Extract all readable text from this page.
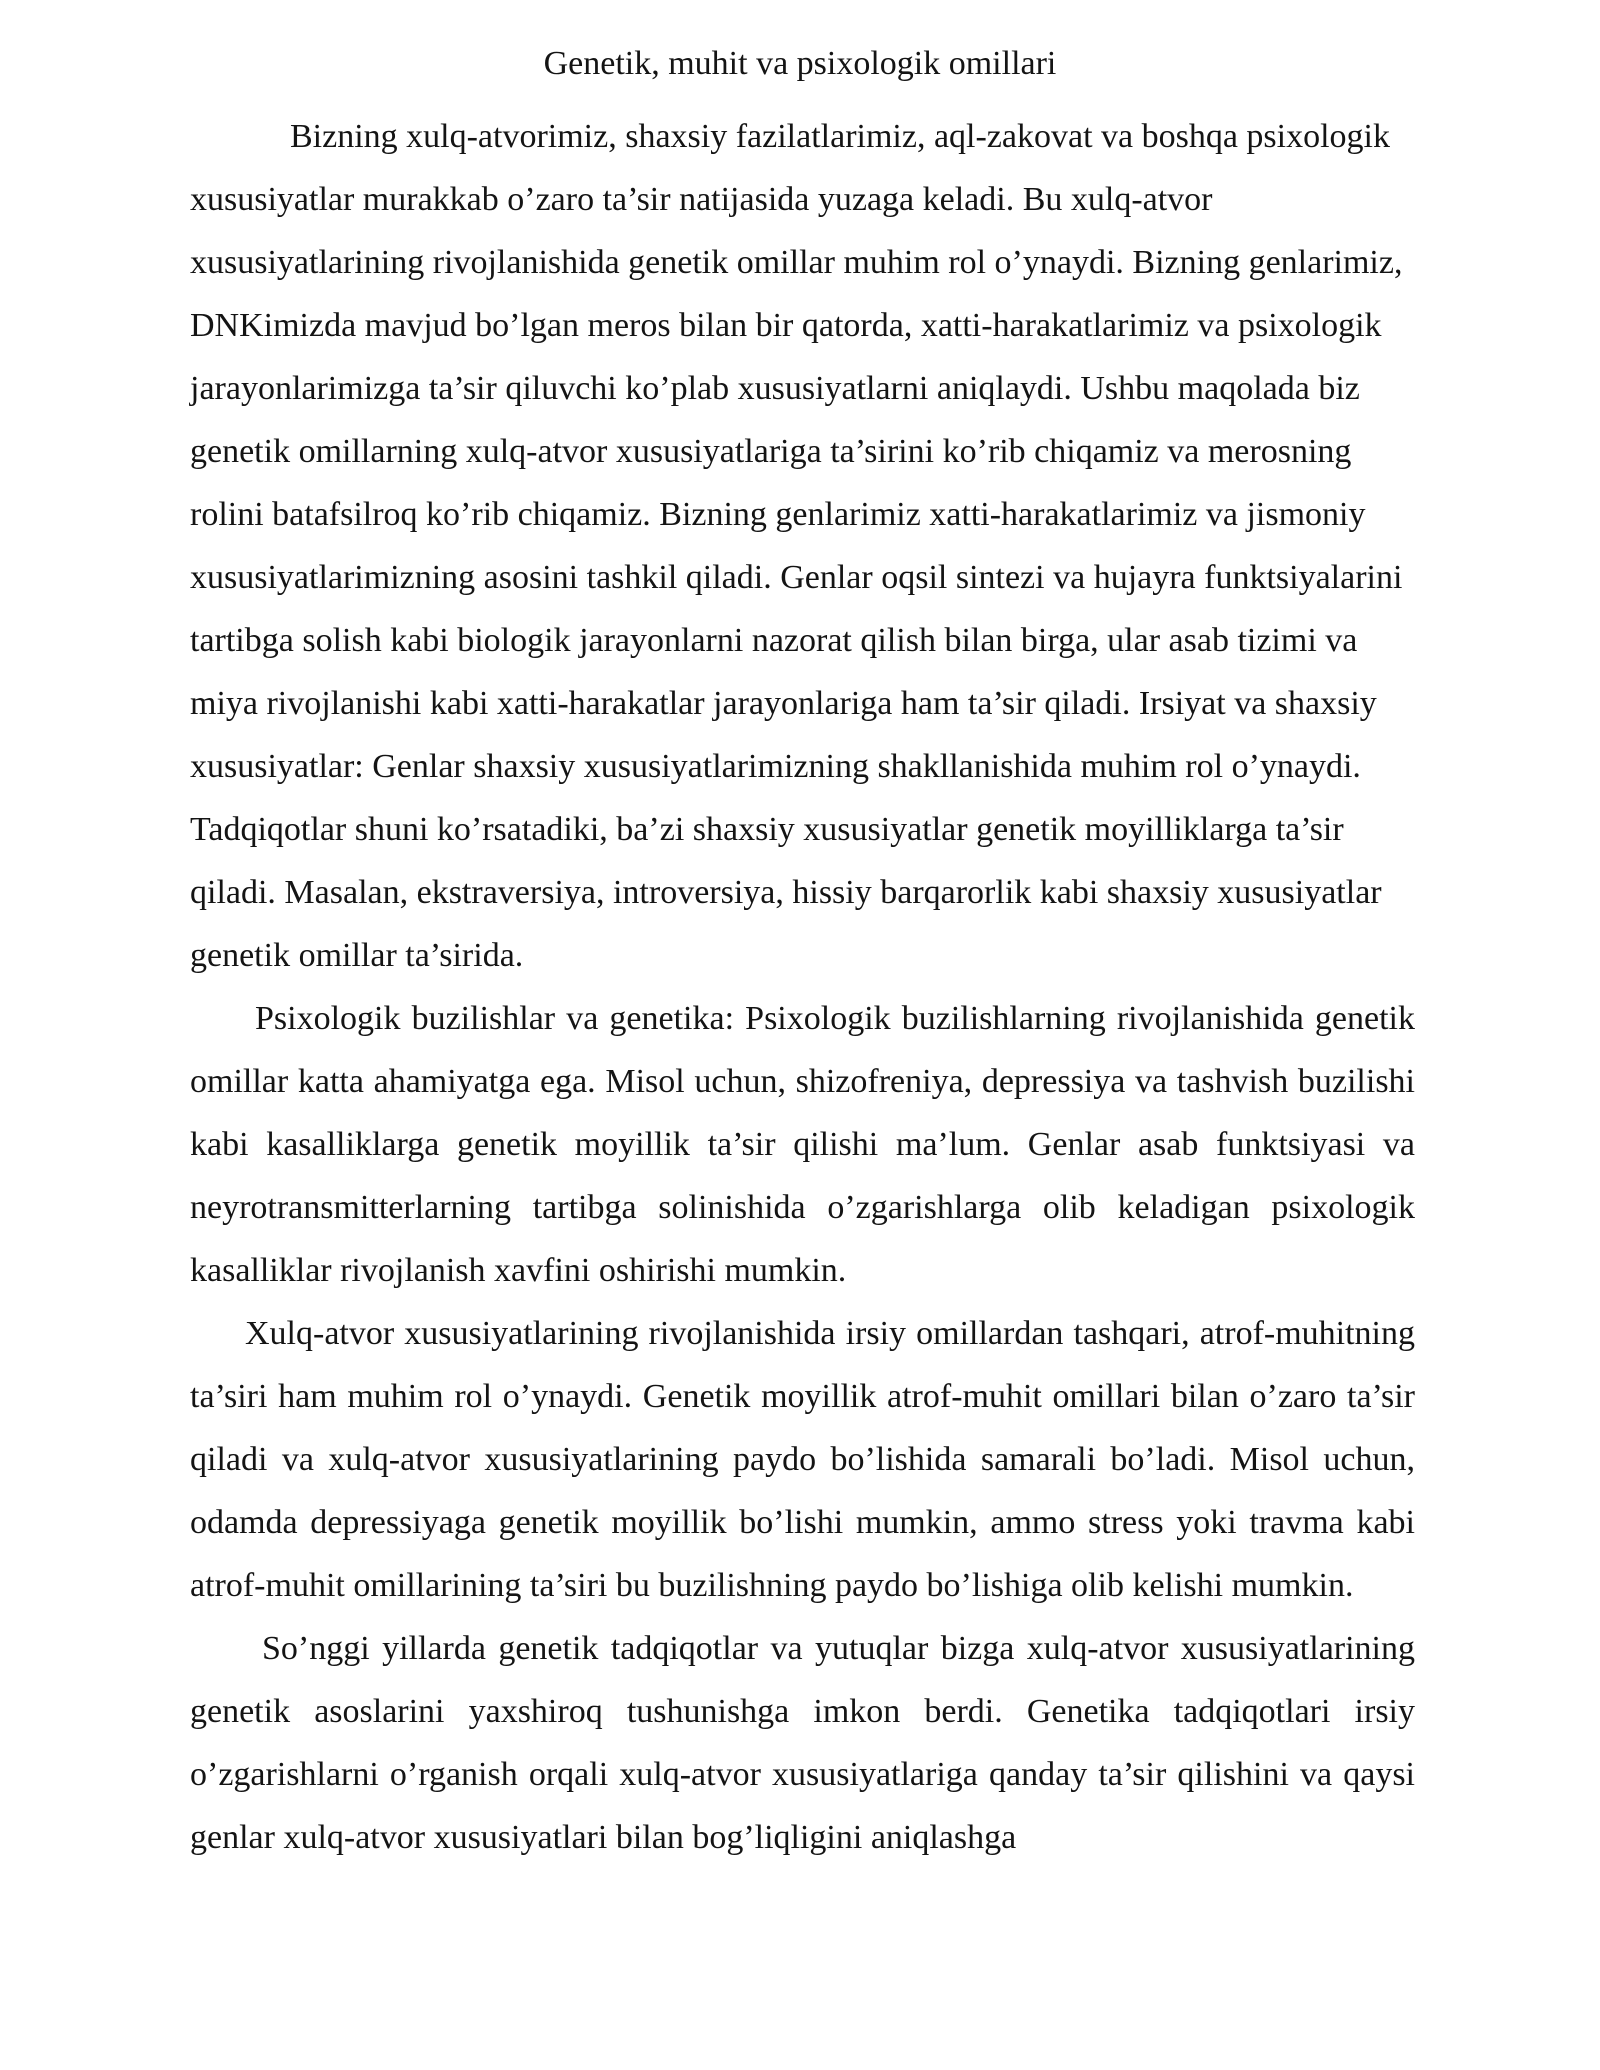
Genetik, muhit va psixologik omillari

Bizning xulq-atvorimiz, shaxsiy fazilatlarimiz, aql-zakovat va boshqa psixologik xususiyatlar murakkab o’zaro ta’sir natijasida yuzaga keladi. Bu xulq-atvor xususiyatlarining rivojlanishida genetik omillar muhim rol o’ynaydi. Bizning genlarimiz, DNKimizda mavjud bo’lgan meros bilan bir qatorda, xatti-harakatlarimiz va psixologik jarayonlarimizga ta’sir qiluvchi ko’plab xususiyatlarni aniqlaydi. Ushbu maqolada biz genetik omillarning xulq-atvor xususiyatlariga ta’sirini ko’rib chiqamiz va merosning rolini batafsilroq ko’rib chiqamiz. Bizning genlarimiz xatti-harakatlarimiz va jismoniy xususiyatlarimizning asosini tashkil qiladi. Genlar oqsil sintezi va hujayra funktsiyalarini tartibga solish kabi biologik jarayonlarni nazorat qilish bilan birga, ular asab tizimi va miya rivojlanishi kabi xatti-harakatlar jarayonlariga ham ta’sir qiladi. Irsiyat va shaxsiy xususiyatlar: Genlar shaxsiy xususiyatlarimizning shakllanishida muhim rol o’ynaydi. Tadqiqotlar shuni ko’rsatadiki, ba’zi shaxsiy xususiyatlar genetik moyilliklarga ta’sir qiladi. Masalan, ekstraversiya, introversiya, hissiy barqarorlik kabi shaxsiy xususiyatlar genetik omillar ta’sirida.

Psixologik buzilishlar va genetika: Psixologik buzilishlarning rivojlanishida genetik omillar katta ahamiyatga ega. Misol uchun, shizofreniya, depressiya va tashvish buzilishi kabi kasalliklarga genetik moyillik ta’sir qilishi ma’lum. Genlar asab funktsiyasi va neyrotransmitterlarning tartibga solinishida o’zgarishlarga olib keladigan psixologik kasalliklar rivojlanish xavfini oshirishi mumkin.

Xulq-atvor xususiyatlarining rivojlanishida irsiy omillardan tashqari, atrof-muhitning ta’siri ham muhim rol o’ynaydi. Genetik moyillik atrof-muhit omillari bilan o’zaro ta’sir qiladi va xulq-atvor xususiyatlarining paydo bo’lishida samarali bo’ladi. Misol uchun, odamda depressiyaga genetik moyillik bo’lishi mumkin, ammo stress yoki travma kabi atrof-muhit omillarining ta’siri bu buzilishning paydo bo’lishiga olib kelishi mumkin.

So’nggi yillarda genetik tadqiqotlar va yutuqlar bizga xulq-atvor xususiyatlarining genetik asoslarini yaxshiroq tushunishga imkon berdi. Genetika tadqiqotlari irsiy o’zgarishlarni o’rganish orqali xulq-atvor xususiyatlariga qanday ta’sir qilishini va qaysi genlar xulq-atvor xususiyatlari bilan bog’liqligini aniqlashga
